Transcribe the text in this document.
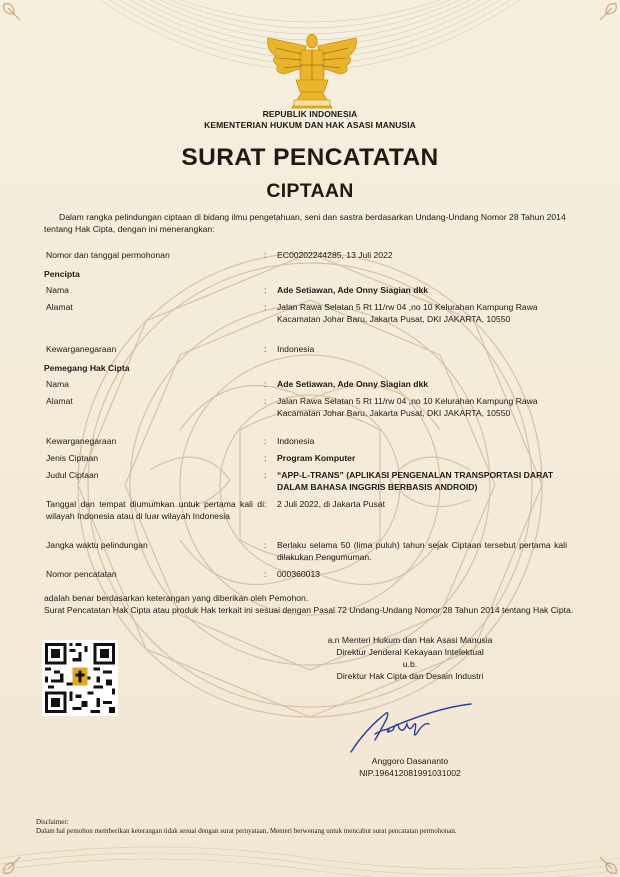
REPUBLIK INDONESIA
KEMENTERIAN HUKUM DAN HAK ASASI MANUSIA
SURAT PENCATATAN
CIPTAAN
Dalam rangka pelindungan ciptaan di bidang ilmu pengetahuan, seni dan sastra berdasarkan Undang-Undang Nomor 28 Tahun 2014 tentang Hak Cipta, dengan ini menerangkan:
Nomor dan tanggal permohonan	: EC00202244285, 13 Juli 2022
Pencipta
Nama	: Ade Setiawan, Ade Onny Siagian dkk
Alamat	: Jalan Rawa Selatan 5 Rt 11/rw 04 ,no 10 Kelurahan Kampung Rawa Kacamatan Johar Baru, Jakarta Pusat, DKI JAKARTA, 10550
Kewarganegaraan	: Indonesia
Pemegang Hak Cipta
Nama	: Ade Setiawan, Ade Onny Siagian dkk
Alamat	: Jalan Rawa Selatan 5 Rt 11/rw 04 ,no 10 Kelurahan Kampung Rawa Kacamatan Johar Baru, Jakarta Pusat, DKI JAKARTA, 10550
Kewarganegaraan	: Indonesia
Jenis Ciptaan	: Program Komputer
Judul Ciptaan	: “APP-L-TRANS” (APLIKASI PENGENALAN TRANSPORTASI DARAT DALAM BAHASA INGGRIS BERBASIS ANDROID)
Tanggal dan tempat diumumkan untuk pertama kali di wilayah Indonesia atau di luar wilayah Indonesia
: 2 Juli 2022, di Jakarta Pusat
Jangka waktu pelindungan	: Berlaku selama 50 (lima puluh) tahun sejak Ciptaan tersebut pertama kali dilakukan Pengumuman.
Nomor pencatatan	: 000360013
adalah benar berdasarkan keterangan yang diberikan oleh Pemohon.
Surat Pencatatan Hak Cipta atau produk Hak terkait ini sesuai dengan Pasal 72 Undang-Undang Nomor 28 Tahun 2014 tentang Hak Cipta.
a.n Menteri Hukum dan Hak Asasi Manusia
Direktur Jenderal Kekayaan Intelektual
u.b.
Direktur Hak Cipta dan Desain Industri
Anggoro Dasananto
NIP.196412081991031002
Disclaimer:
Dalam hal pemohon memberikan keterangan tidak sesuai dengan surat pernyataan, Menteri berwenang untuk mencabut surat pencatatan permohonan.
